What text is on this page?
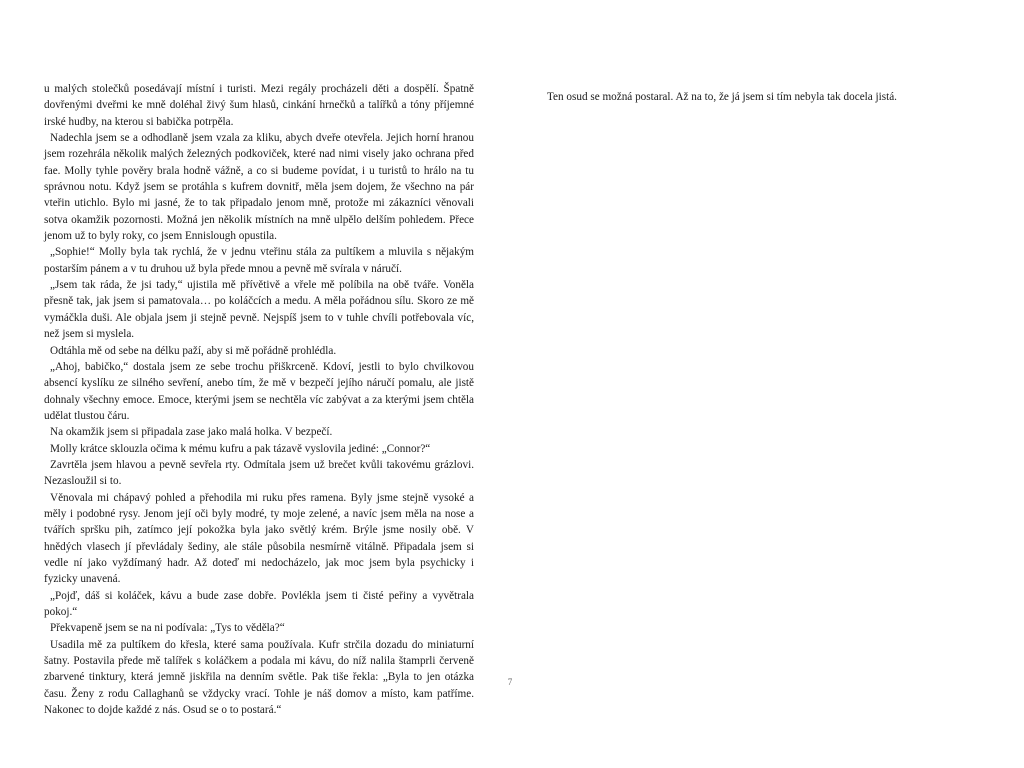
u malých stolečků posedávají místní i turisti. Mezi regály procházeli děti a dospělí. Špatně dovřenými dveřmi ke mně doléhal živý šum hlasů, cinkání hrnečků a talířků a tóny příjemné irské hudby, na kterou si babička potrpěla.

Nadechla jsem se a odhodlaně jsem vzala za kliku, abych dveře otevřela. Jejich horní hranou jsem rozehrála několik malých železných podkoviček, které nad nimi visely jako ochrana před fae. Molly tyhle pověry brala hodně vážně, a co si budeme povídat, i u turistů to hrálo na tu správnou notu. Když jsem se protáhla s kufrem dovnitř, měla jsem dojem, že všechno na pár vteřin utichlo. Bylo mi jasné, že to tak připadalo jenom mně, protože mi zákazníci věnovali sotva okamžik pozornosti. Možná jen několik místních na mně ulpělo delším pohledem. Přece jenom už to byly roky, co jsem Ennislough opustila.

„Sophie!“ Molly byla tak rychlá, že v jednu vteřinu stála za pultíkem a mluvila s nějakým postarším pánem a v tu druhou už byla přede mnou a pevně mě svírala v náručí.

„Jsem tak ráda, že jsi tady,“ ujistila mě přívětivě a vřele mě políbila na obě tváře. Voněla přesně tak, jak jsem si pamatovala… po koláčcích a medu. A měla pořádnou sílu. Skoro ze mě vymáčkla duši. Ale objala jsem ji stejně pevně. Nejspíš jsem to v tuhle chvíli potřebovala víc, než jsem si myslela.

Odtáhla mě od sebe na délku paží, aby si mě pořádně prohlédla.

„Ahoj, babičko,“ dostala jsem ze sebe trochu přiškrceně. Kdoví, jestli to bylo chvilkovou absencí kyslíku ze silného sevření, anebo tím, že mě v bezpečí jejího náručí pomalu, ale jistě dohnaly všechny emoce. Emoce, kterými jsem se nechtěla víc zabývat a za kterými jsem chtěla udělat tlustou čáru.

Na okamžik jsem si připadala zase jako malá holka. V bezpečí.

Molly krátce sklouzla očima k mému kufru a pak tázavě vyslovila jediné: „Connor?“

Zavrtěla jsem hlavou a pevně sevřela rty. Odmítala jsem už brečet kvůli takovému grázlovi. Nezasloužil si to.

Věnovala mi chápavý pohled a přehodila mi ruku přes ramena. Byly jsme stejně vysoké a měly i podobné rysy. Jenom její oči byly modré, ty moje zelené, a navíc jsem měla na nose a tvářích spršku pih, zatímco její pokožka byla jako světlý krém. Brýle jsme nosily obě. V hnědých vlasech jí převládaly šediny, ale stále působila nesmírně vitálně. Připadala jsem si vedle ní jako vyždímaný hadr. Až doteď mi nedocházelo, jak moc jsem byla psychicky i fyzicky unavená.

„Pojď, dáš si koláček, kávu a bude zase dobře. Povlékla jsem ti čisté peřiny a vyvětrala pokoj.“

Překvapeně jsem se na ni podívala: „Tys to věděla?“

Usadila mě za pultíkem do křesla, které sama používala. Kufr strčila dozadu do miniaturní šatny. Postavila přede mě talířek s koláčkem a podala mi kávu, do níž nalila štamprli červeně zbarvené tinktury, která jemně jiskřila na denním světle. Pak tiše řekla: „Byla to jen otázka času. Ženy z rodu Callaghanů se vždycky vrací. Tohle je náš domov a místo, kam patříme. Nakonec to dojde každé z nás. Osud se o to postará.“

7

Ten osud se možná postaral. Až na to, že já jsem si tím nebyla tak docela jistá.
